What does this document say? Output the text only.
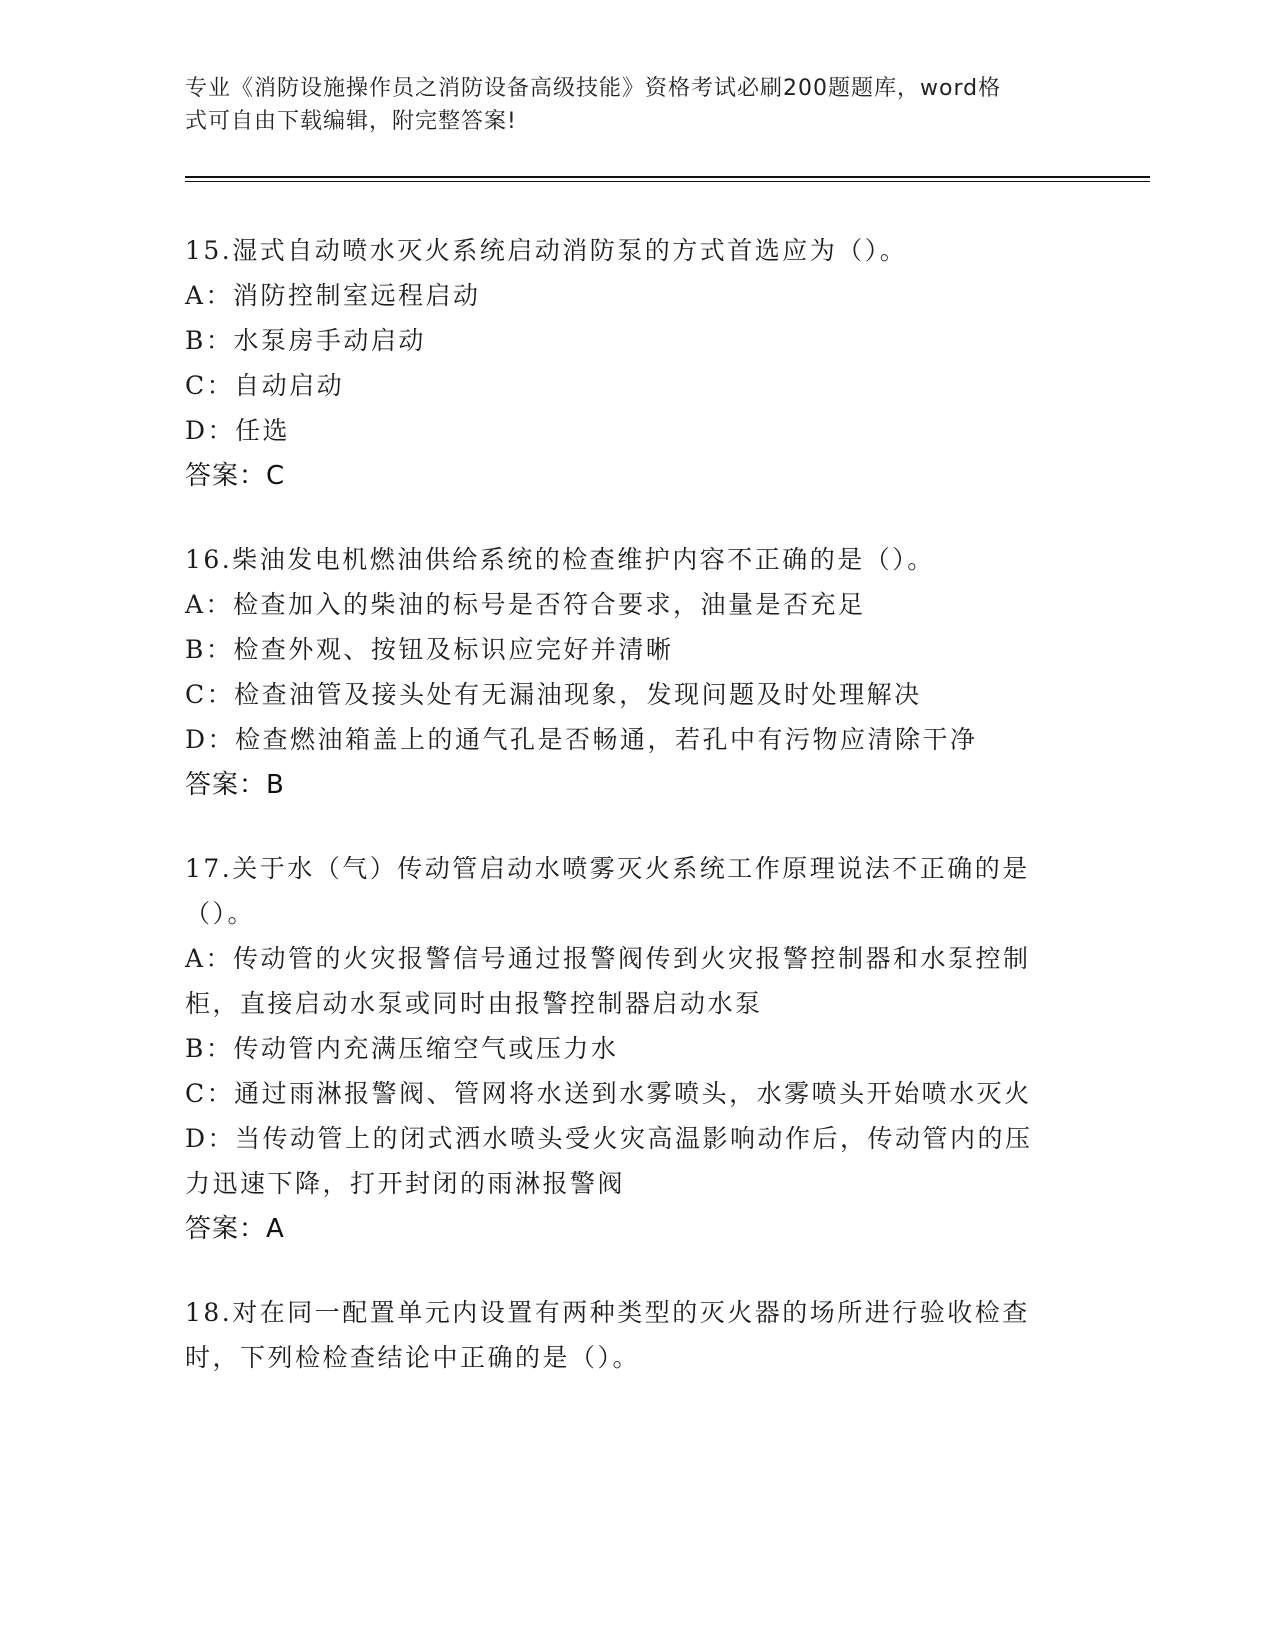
专业《消防设施操作员之消防设备高级技能》资格考试必刷200题题库，word格
式可自由下载编辑，附完整答案!
15.湿式自动喷水灭火系统启动消防泵的方式首选应为（）。
A：消防控制室远程启动
B：水泵房手动启动
C：自动启动
D：任选
答案：C
16.柴油发电机燃油供给系统的检查维护内容不正确的是（）。
A：检查加入的柴油的标号是否符合要求，油量是否充足
B：检查外观、按钮及标识应完好并清晰
C：检查油管及接头处有无漏油现象，发现问题及时处理解决
D：检查燃油箱盖上的通气孔是否畅通，若孔中有污物应清除干净
答案：B
17.关于水（气）传动管启动水喷雾灭火系统工作原理说法不正确的是
（）。
A：传动管的火灾报警信号通过报警阀传到火灾报警控制器和水泵控制
柜，直接启动水泵或同时由报警控制器启动水泵
B：传动管内充满压缩空气或压力水
C：通过雨淋报警阀、管网将水送到水雾喷头，水雾喷头开始喷水灭火
D：当传动管上的闭式洒水喷头受火灾高温影响动作后，传动管内的压
力迅速下降，打开封闭的雨淋报警阀
答案：A
18.对在同一配置单元内设置有两种类型的灭火器的场所进行验收检查
时，下列检检查结论中正确的是（）。
